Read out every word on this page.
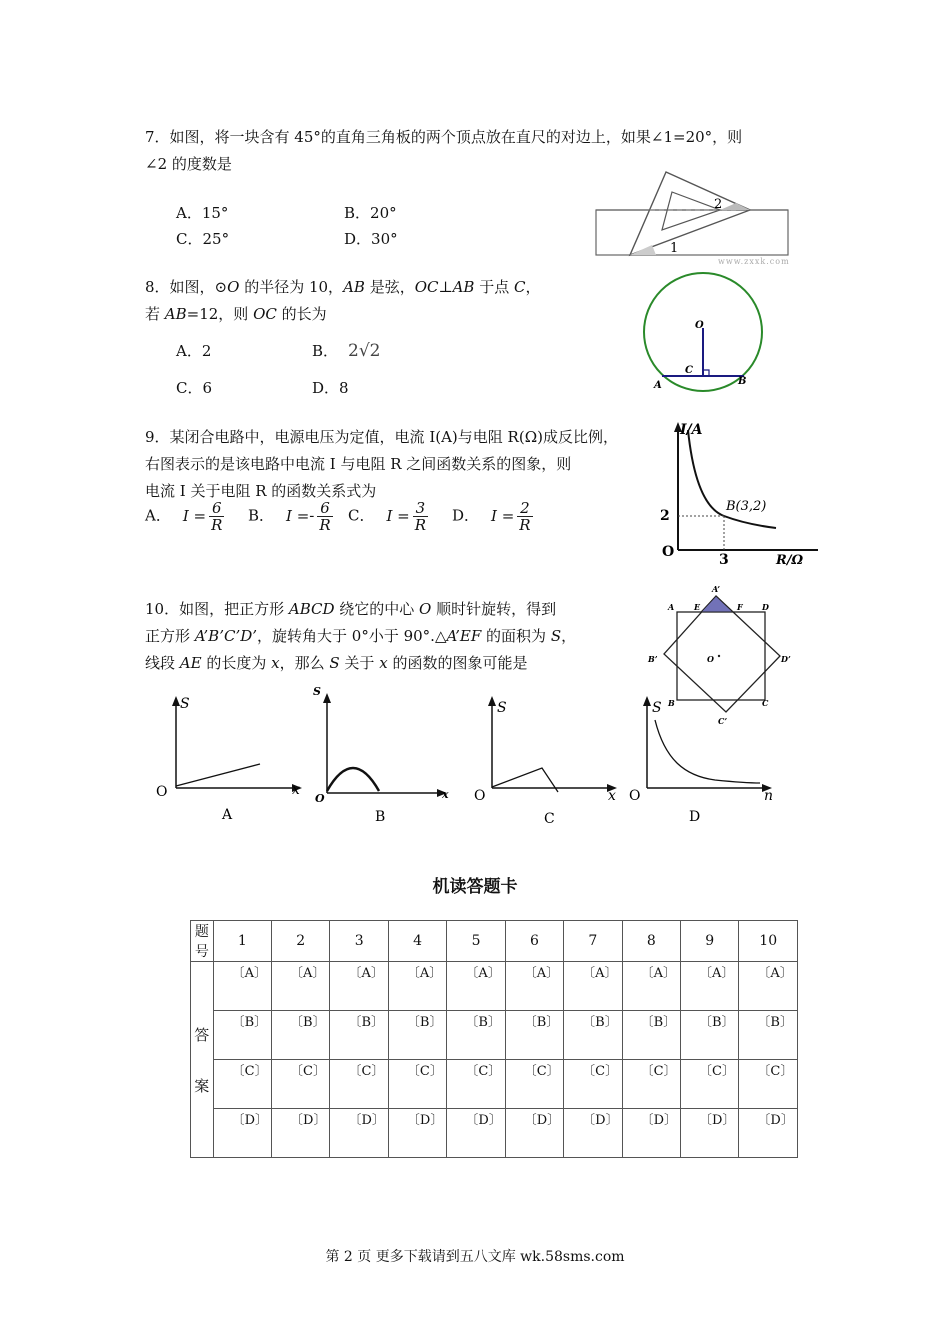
7．如图，将一块含有 45°的直角三角板的两个顶点放在直尺的对边上，如果∠1=20°，则
∠2 的度数是
A．15°	B．20°
C．25°	D．30°
1
2
www.zxxk.com
8．如图，⊙O 的半径为 10，AB 是弦，OC⊥AB 于点 C，
若 AB=12，则 OC 的长为
A．2	B． 2√2
C．6	D．8
O
C
A	B
9．某闭合电路中，电源电压为定值，电流 I(A)与电阻 R(Ω)成反比例，
右图表示的是该电路中电流 I 与电阻 R 之间函数关系的图象，则
电流 I 关于电阻 R 的函数关系式为
A． $I = \frac{6}{R}$ B． $I =- \frac{6}{R}$ C． $I = \frac{3}{R}$ D． $I = \frac{2}{R}$
I/A
R/Ω
B(3,2)
2
3
O
10．如图，把正方形 ABCD 绕它的中心 O 顺时针旋转，得到
正方形 A’B’C’D’，旋转角大于 0°小于 90°.△A’EF 的面积为 S，
线段 AE 的长度为 x，那么 S 关于 x 的函数的图象可能是
A’
A E	F D
B’	O	D’
B	C
C’
S
x
O
A
S
x
O
B
S
x
O
C
S
n
O
D
机读答题卡
题号	1	2	3	4	5	6	7	8	9	10

答
案	〔A〕	〔A〕	〔A〕	〔A〕	〔A〕	〔A〕	〔A〕	〔A〕	〔A〕	〔A〕
	〔B〕	〔B〕	〔B〕	〔B〕	〔B〕	〔B〕	〔B〕	〔B〕	〔B〕	〔B〕
	〔C〕	〔C〕	〔C〕	〔C〕	〔C〕	〔C〕	〔C〕	〔C〕	〔C〕	〔C〕
	〔D〕	〔D〕	〔D〕	〔D〕	〔D〕	〔D〕	〔D〕	〔D〕	〔D〕	〔D〕
第 2 页 更多下载请到五八文库 wk.58sms.com
